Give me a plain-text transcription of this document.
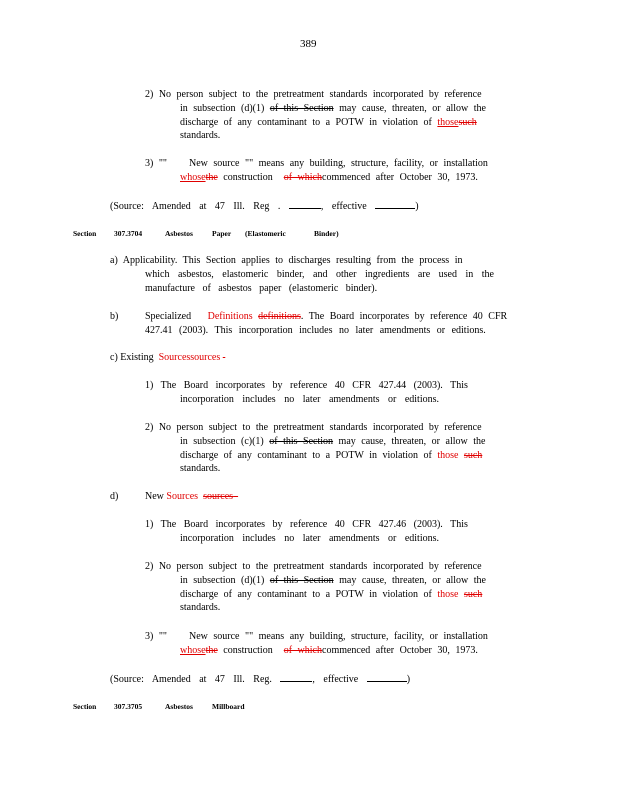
389
2) No person subject to the pretreatment standards incorporated by reference
in subsection (d)(1) of this Section may cause, threaten, or allow the
discharge of any contaminant to a POTW in violation of thosesuch
standards.
3) "" New source "" means any building, structure, facility, or installation
whosethe construction of whichcommenced after October 30, 1973.
(Source: Amended at 47 Ill. Reg .	, effective	)
Section 307.3704	Asbestos	Paper (Elastomeric	Binder)
a) Applicability. This Section applies to discharges resulting from the process in
which asbestos, elastomeric binder, and other ingredients are used in the
manufacture of asbestos paper (elastomeric binder).
b)	Specialized Definitions definitions. The Board incorporates by reference 40 CFR
427.41 (2003). This incorporation includes no later amendments or editions.
c) Existing Sourcessources
1) The Board incorporates by reference 40 CFR 427.44 (2003). This
incorporation includes no later amendments or editions.
2) No person subject to the pretreatment standards incorporated by reference
in subsection (c)(1) of this Section may cause, threaten, or allow the
discharge of any contaminant to a POTW in violation of those such
standards.
d)	New Sources sources
1) The Board incorporates by reference 40 CFR 427.46 (2003). This
incorporation includes no later amendments or editions.
2) No person subject to the pretreatment standards incorporated by reference
in subsection (d)(1) of this Section may cause, threaten, or allow the
discharge of any contaminant to a POTW in violation of those such
standards.
3) "" New source "" means any building, structure, facility, or installation
whosethe construction of whichcommenced after October 30, 1973.
(Source: Amended at 47 Ill. Reg.	, effective	)
Section 307.3705	Asbestos	Millboard
